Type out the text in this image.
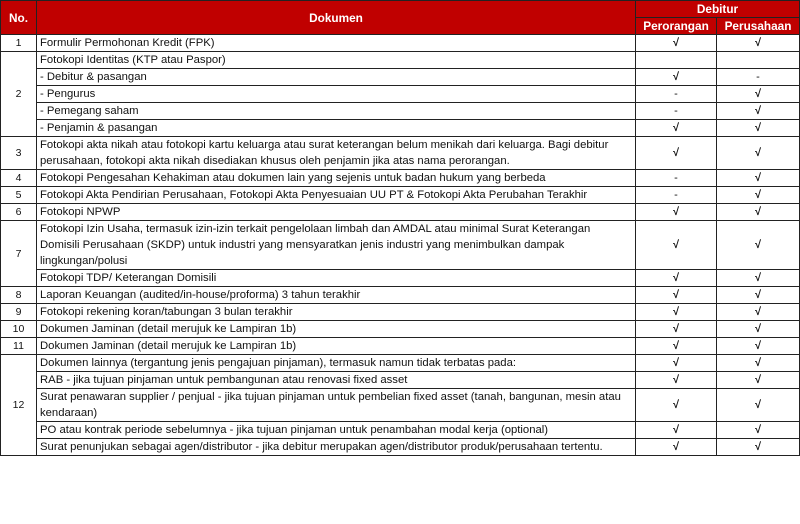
No.	Dokumen	Debitur	
		Perorangan	Perusahaan
1	Formulir Permohonan Kredit (FPK)	√	√
2	Fotokopi Identitas (KTP atau Paspor)		
	- Debitur & pasangan	√	-
	- Pengurus	-	√
	- Pemegang saham	-	√
	- Penjamin & pasangan	√	√
3	Fotokopi akta nikah atau fotokopi kartu keluarga atau surat keterangan belum menikah dari keluarga. Bagi debitur perusahaan, fotokopi akta nikah disediakan khusus oleh penjamin jika atas nama perorangan.	√	√
4	Fotokopi Pengesahan Kehakiman atau dokumen lain yang sejenis untuk badan hukum yang berbeda	-	√
5	Fotokopi Akta Pendirian Perusahaan, Fotokopi Akta Penyesuaian UU PT & Fotokopi Akta Perubahan Terakhir	-	√
6	Fotokopi NPWP	√	√
7	Fotokopi Izin Usaha, termasuk izin-izin terkait pengelolaan limbah dan AMDAL atau minimal Surat Keterangan Domisili Perusahaan (SKDP) untuk industri yang mensyaratkan jenis industri yang menimbulkan dampak lingkungan/polusi	√	√
	Fotokopi TDP/ Keterangan Domisili	√	√
8	Laporan Keuangan (audited/in-house/proforma) 3 tahun terakhir	√	√
9	Fotokopi rekening koran/tabungan 3 bulan terakhir	√	√
10	Dokumen Jaminan (detail merujuk ke Lampiran 1b)	√	√
11	Dokumen Jaminan (detail merujuk ke Lampiran 1b)	√	√
12	Dokumen lainnya (tergantung jenis pengajuan pinjaman), termasuk namun tidak terbatas pada:	√	√
	RAB - jika tujuan pinjaman untuk pembangunan atau renovasi fixed asset	√	√
	Surat penawaran supplier / penjual - jika tujuan pinjaman untuk pembelian fixed asset (tanah, bangunan, mesin atau kendaraan)	√	√
	PO atau kontrak periode sebelumnya - jika tujuan pinjaman untuk penambahan modal kerja (optional)	√	√
	Surat penunjukan sebagai agen/distributor - jika debitur merupakan agen/distributor produk/perusahaan tertentu.	√	√
